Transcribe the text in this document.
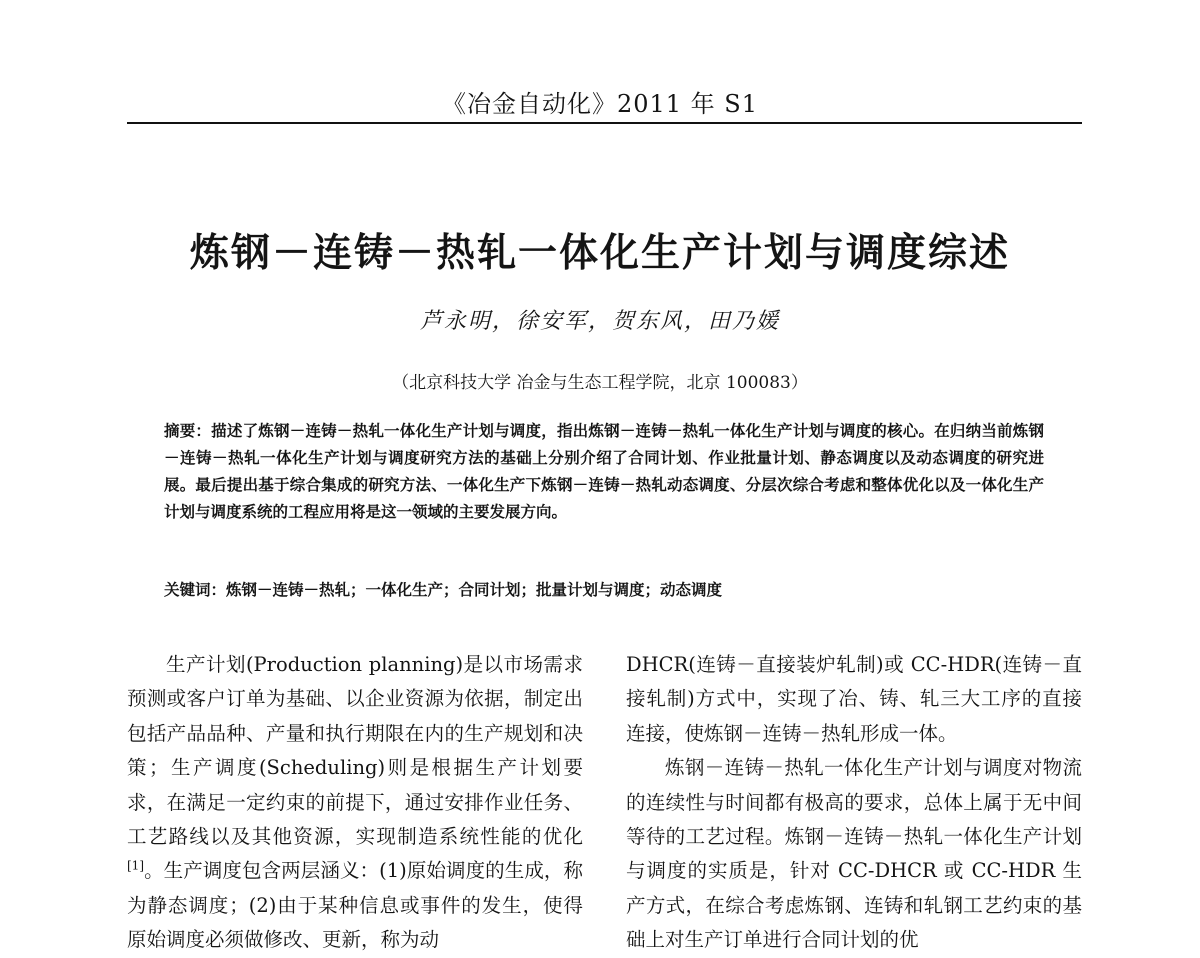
《冶金自动化》2011 年 S1
炼钢－连铸－热轧一体化生产计划与调度综述
芦永明，徐安军，贺东风，田乃媛
（北京科技大学 冶金与生态工程学院，北京 100083）
摘要：描述了炼钢－连铸－热轧一体化生产计划与调度，指出炼钢－连铸－热轧一体化生产计划与调度的核心。在归纳当前炼钢－连铸－热轧一体化生产计划与调度研究方法的基础上分别介绍了合同计划、作业批量计划、静态调度以及动态调度的研究进展。最后提出基于综合集成的研究方法、一体化生产下炼钢－连铸－热轧动态调度、分层次综合考虑和整体优化以及一体化生产计划与调度系统的工程应用将是这一领域的主要发展方向。
关键词：炼钢－连铸－热轧；一体化生产；合同计划；批量计划与调度；动态调度

生产计划(Production planning)是以市场需求预测或客户订单为基础、以企业资源为依据，制定出包括产品品种、产量和执行期限在内的生产规划和决策；生产调度(Scheduling)则是根据生产计划要求，在满足一定约束的前提下，通过安排作业任务、工艺路线以及其他资源，实现制造系统性能的优化[1]。生产调度包含两层涵义：(1)原始调度的生成，称为静态调度；(2)由于某种信息或事件的发生，使得原始调度必须做修改、更新，称为动

DHCR(连铸－直接装炉轧制)或 CC-HDR(连铸－直接轧制)方式中，实现了冶、铸、轧三大工序的直接连接，使炼钢－连铸－热轧形成一体。

炼钢－连铸－热轧一体化生产计划与调度对物流的连续性与时间都有极高的要求，总体上属于无中间等待的工艺过程。炼钢－连铸－热轧一体化生产计划与调度的实质是，针对 CC-DHCR 或 CC-HDR 生产方式，在综合考虑炼钢、连铸和轧钢工艺约束的基础上对生产订单进行合同计划的优
